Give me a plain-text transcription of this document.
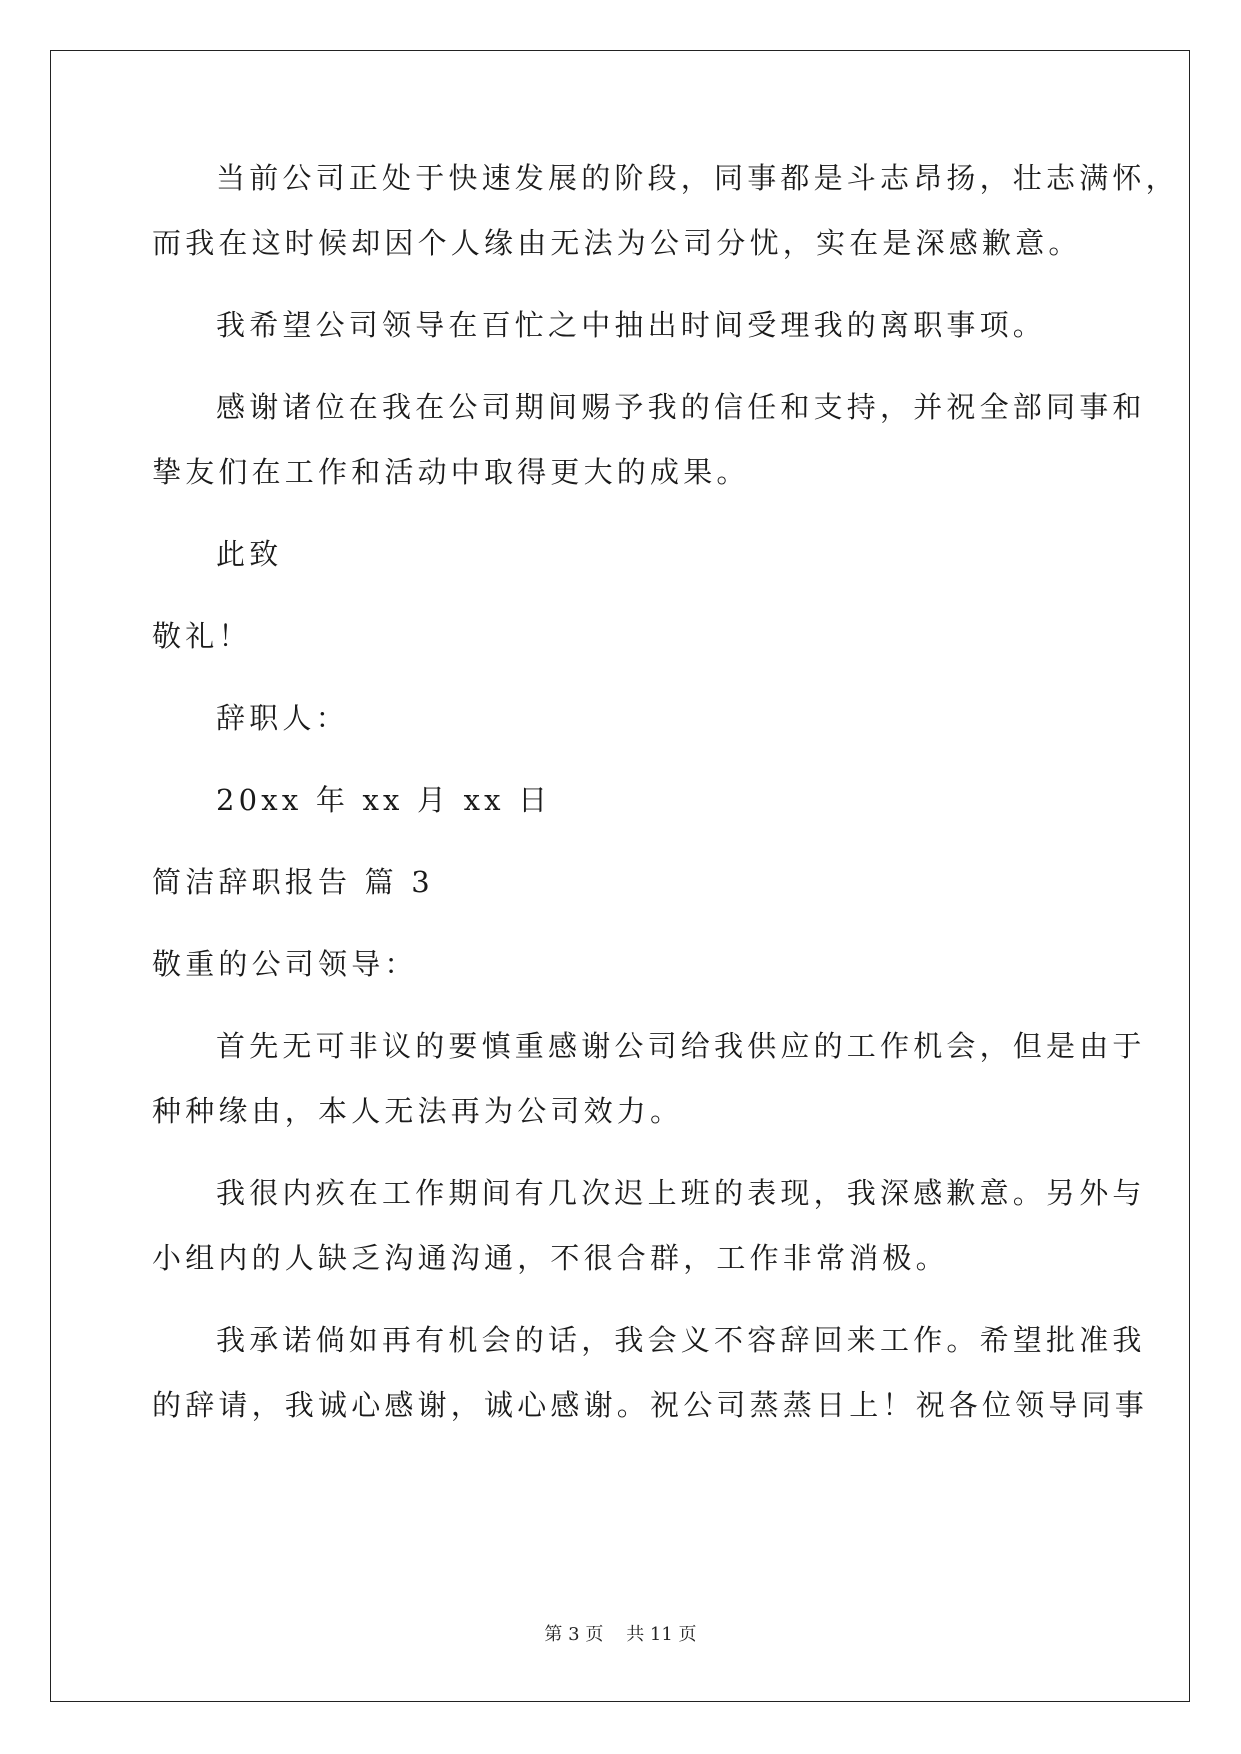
当前公司正处于快速发展的阶段，同事都是斗志昂扬，壮志满怀，
而我在这时候却因个人缘由无法为公司分忧，实在是深感歉意。
我希望公司领导在百忙之中抽出时间受理我的离职事项。
感谢诸位在我在公司期间赐予我的信任和支持，并祝全部同事和
挚友们在工作和活动中取得更大的成果。
此致
敬礼！
辞职人：
20xx 年 xx 月 xx 日
简洁辞职报告 篇 3
敬重的公司领导：
首先无可非议的要慎重感谢公司给我供应的工作机会，但是由于
种种缘由，本人无法再为公司效力。
我很内疚在工作期间有几次迟上班的表现，我深感歉意。另外与
小组内的人缺乏沟通沟通，不很合群，工作非常消极。
我承诺倘如再有机会的话，我会义不容辞回来工作。希望批准我
的辞请，我诚心感谢，诚心感谢。祝公司蒸蒸日上！祝各位领导同事
第 3 页    共 11 页
